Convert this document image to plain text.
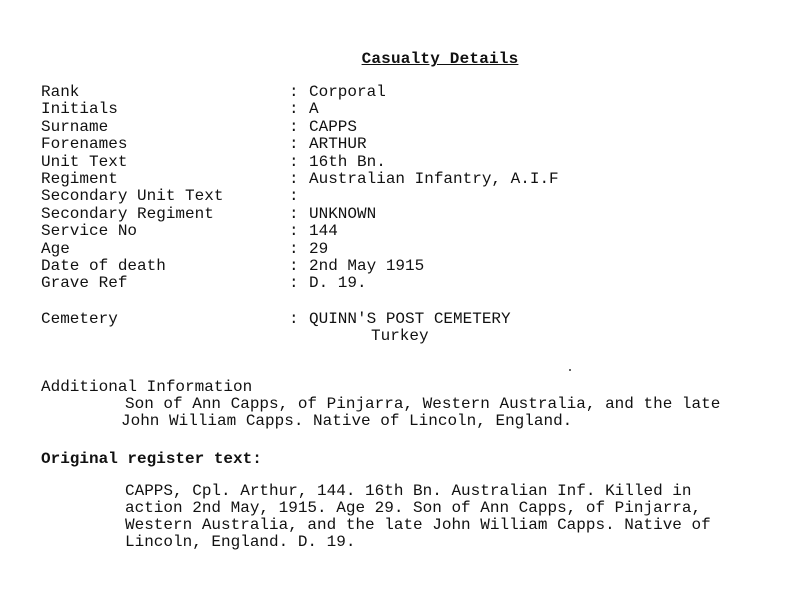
Casualty Details
Rank	: Corporal
Initials	: A
Surname	: CAPPS
Forenames	: ARTHUR
Unit Text	: 16th Bn.
Regiment	: Australian Infantry, A.I.F
Secondary Unit Text	:
Secondary Regiment	: UNKNOWN
Service No	: 144
Age	: 29
Date of death	: 2nd May 1915
Grave Ref	: D. 19.
Cemetery	: QUINN'S POST CEMETERY
Turkey
Additional Information
Son of Ann Capps, of Pinjarra, Western Australia, and the late
John William Capps. Native of Lincoln, England.
Original register text:
CAPPS, Cpl. Arthur, 144. 16th Bn. Australian Inf. Killed in
action 2nd May, 1915. Age 29. Son of Ann Capps, of Pinjarra,
Western Australia, and the late John William Capps. Native of
Lincoln, England. D. 19.
